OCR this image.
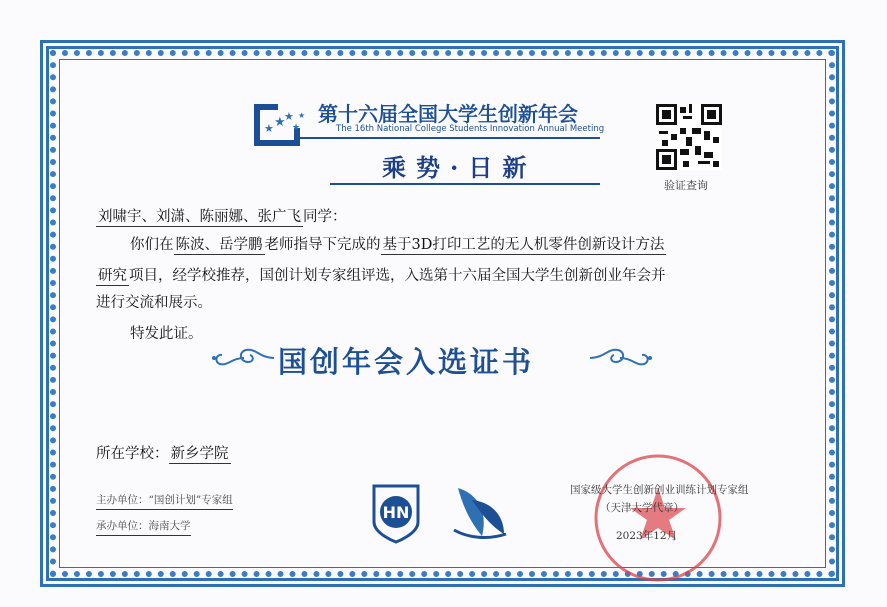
★ ★
★
★
★ 第十六届全国大学生创新年会
The 16th National College Students Innovation Annual Meeting
乘势·日新
验证查询
刘啸宇、刘潇、陈丽娜、张广飞 同学：
你们在 陈波、岳学鹏 老师指导下完成的 基于3D打印工艺的无人机零件创新设计方法
研究 项目，经学校推荐，国创计划专家组评选，入选第十六届全国大学生创新创业年会并
进行交流和展示。
特发此证。
国创年会入选证书
所在学校： 新乡学院
主办单位：“国创计划”专家组
承办单位：海南大学
HN
国家级大学生创新创业训练计划专家组
（天津大学代章）
2023年12月
